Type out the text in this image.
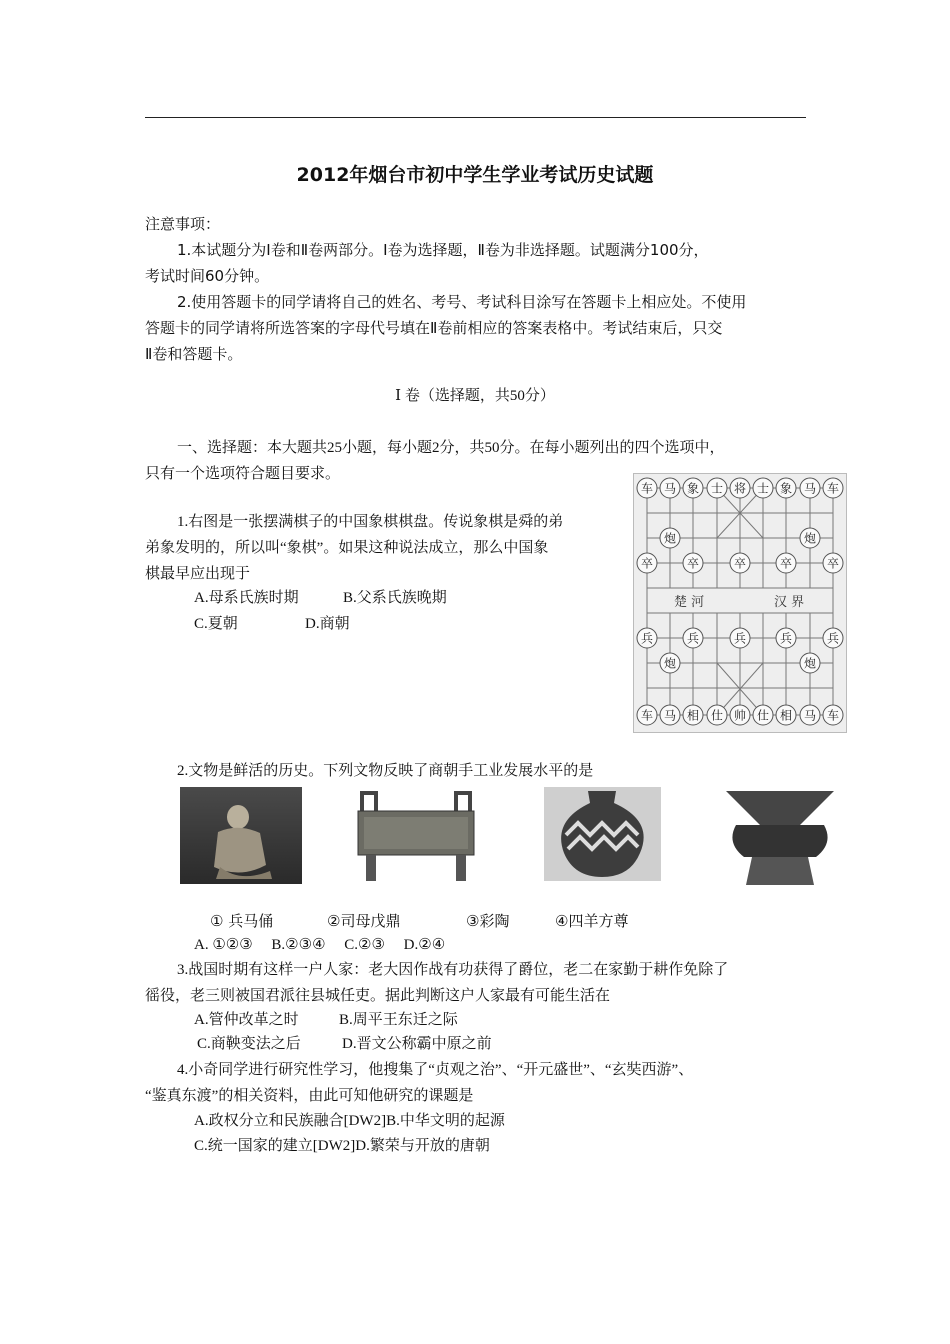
2012年烟台市初中学生学业考试历史试题
注意事项：
1.本试题分为Ⅰ卷和Ⅱ卷两部分。Ⅰ卷为选择题，Ⅱ卷为非选择题。试题满分100分，
考试时间60分钟。
2.使用答题卡的同学请将自己的姓名、考号、考试科目涂写在答题卡上相应处。不使用
答题卡的同学请将所选答案的字母代号填在Ⅱ卷前相应的答案表格中。考试结束后，只交
Ⅱ卷和答题卡。
Ⅰ 卷（选择题，共50分）
一、选择题：本大题共25小题，每小题2分，共50分。在每小题列出的四个选项中，
只有一个选项符合题目要求。
1.右图是一张摆满棋子的中国象棋棋盘。传说象棋是舜的弟
弟象发明的，所以叫“象棋”。如果这种说法成立，那么中国象
棋最早应出现于
A.母系氏族时期	B.父系氏族晚期
C.夏朝	D.商朝
楚 河	汉 界
车 马 象 士 将 士 象 马 车
炮	炮
卒	卒	卒	卒	卒
兵	兵	兵	兵	兵
炮	炮
车 马 相 仕 帅 仕 相 马 车
2.文物是鲜活的历史。下列文物反映了商朝手工业发展水平的是
① 兵马俑	②司母戊鼎	③彩陶	④四羊方尊
A. ①②③　 B.②③④　 C.②③　 D.②④
3.战国时期有这样一户人家：老大因作战有功获得了爵位，老二在家勤于耕作免除了
徭役，老三则被国君派往县城任吏。据此判断这户人家最有可能生活在
A.管仲改革之时	B.周平王东迁之际
C.商鞅变法之后	D.晋文公称霸中原之前
4.小奇同学进行研究性学习，他搜集了“贞观之治”、“开元盛世”、“玄奘西游”、
“鉴真东渡”的相关资料，由此可知他研究的课题是
A.政权分立和民族融合[DW2]B.中华文明的起源
C.统一国家的建立[DW2]D.繁荣与开放的唐朝
